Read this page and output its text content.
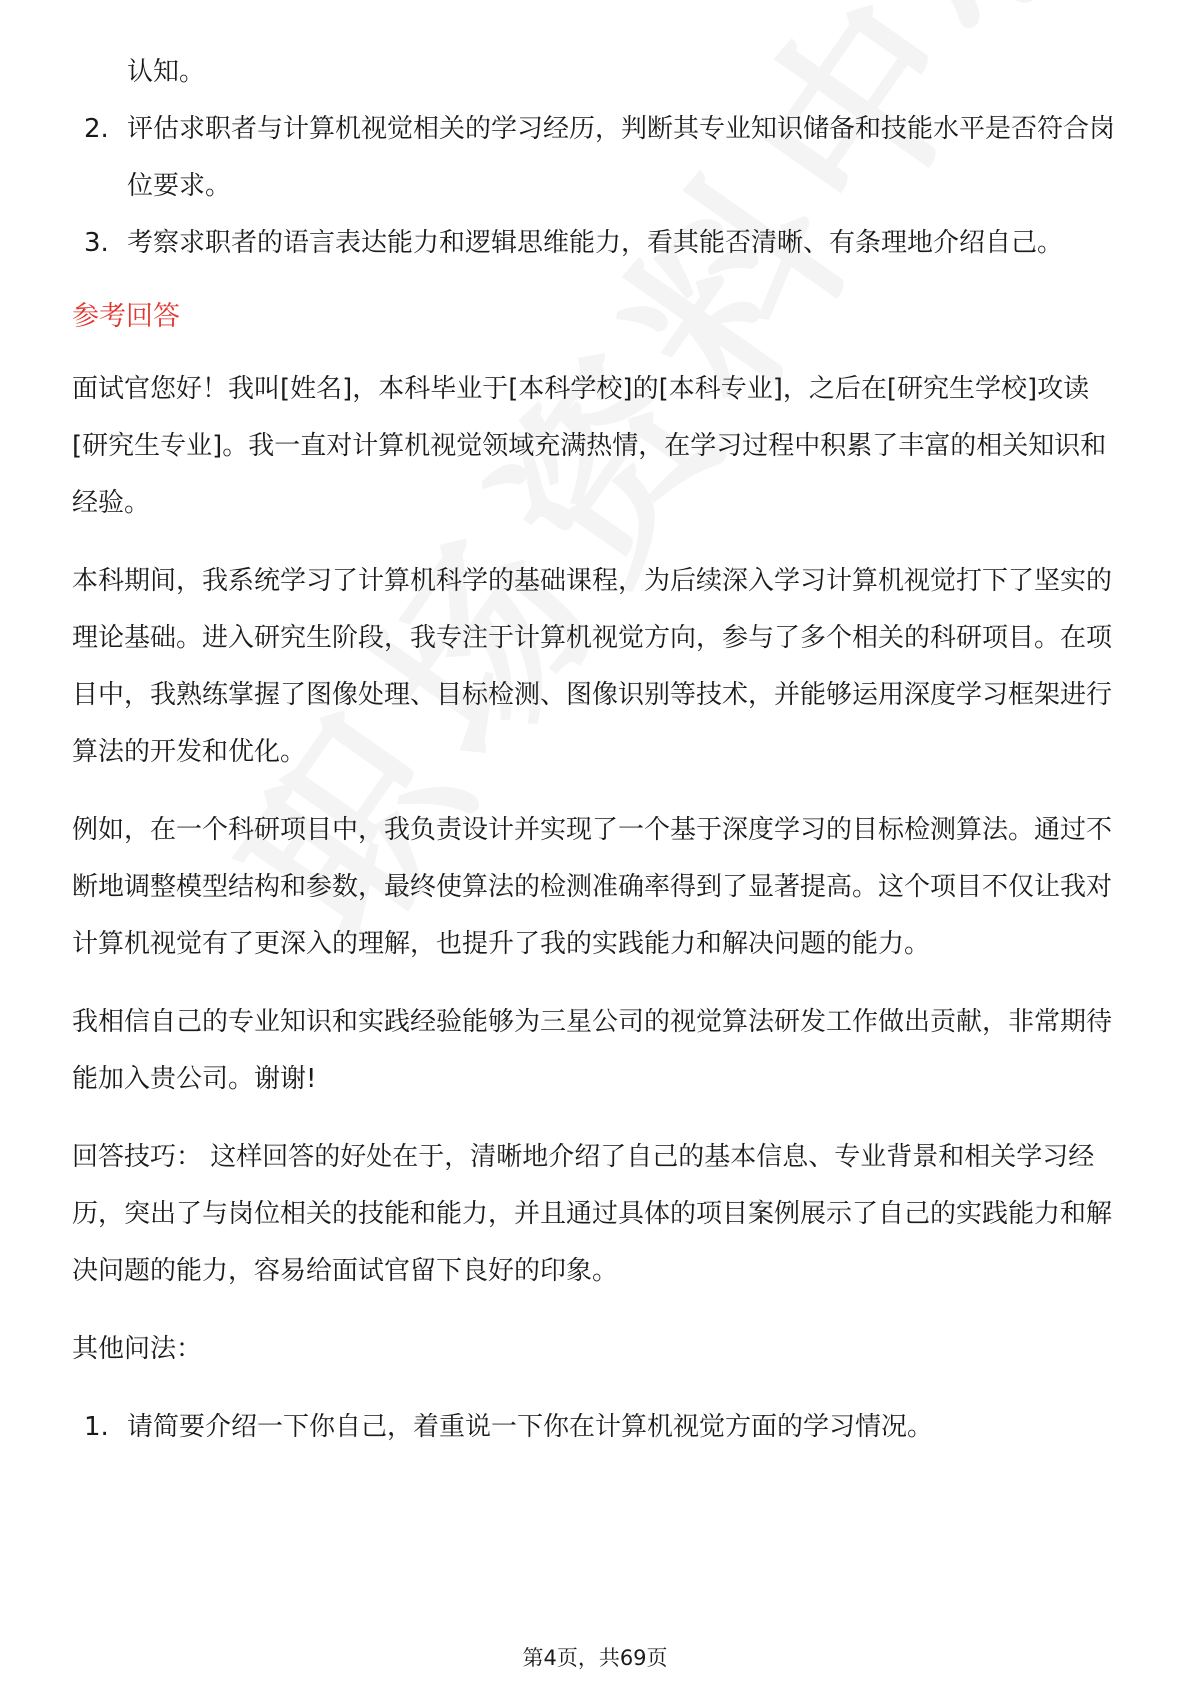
认知。

2. 评估求职者与计算机视觉相关的学习经历，判断其专业知识储备和技能水平是否符合岗位要求。
3. 考察求职者的语言表达能力和逻辑思维能力，看其能否清晰、有条理地介绍自己。
参考回答

面试官您好！我叫[姓名]，本科毕业于[本科学校]的[本科专业]，之后在[研究生学校]攻读[研究生专业]。我一直对计算机视觉领域充满热情，在学习过程中积累了丰富的相关知识和经验。

本科期间，我系统学习了计算机科学的基础课程，为后续深入学习计算机视觉打下了坚实的理论基础。进入研究生阶段，我专注于计算机视觉方向，参与了多个相关的科研项目。在项目中，我熟练掌握了图像处理、目标检测、图像识别等技术，并能够运用深度学习框架进行算法的开发和优化。

例如，在一个科研项目中，我负责设计并实现了一个基于深度学习的目标检测算法。通过不断地调整模型结构和参数，最终使算法的检测准确率得到了显著提高。这个项目不仅让我对计算机视觉有了更深入的理解，也提升了我的实践能力和解决问题的能力。

我相信自己的专业知识和实践经验能够为三星公司的视觉算法研发工作做出贡献，非常期待能加入贵公司。谢谢!

回答技巧： 这样回答的好处在于，清晰地介绍了自己的基本信息、专业背景和相关学习经历，突出了与岗位相关的技能和能力，并且通过具体的项目案例展示了自己的实践能力和解决问题的能力，容易给面试官留下良好的印象。

其他问法：

1. 请简要介绍一下你自己，着重说一下你在计算机视觉方面的学习情况。
第4页，共69页
